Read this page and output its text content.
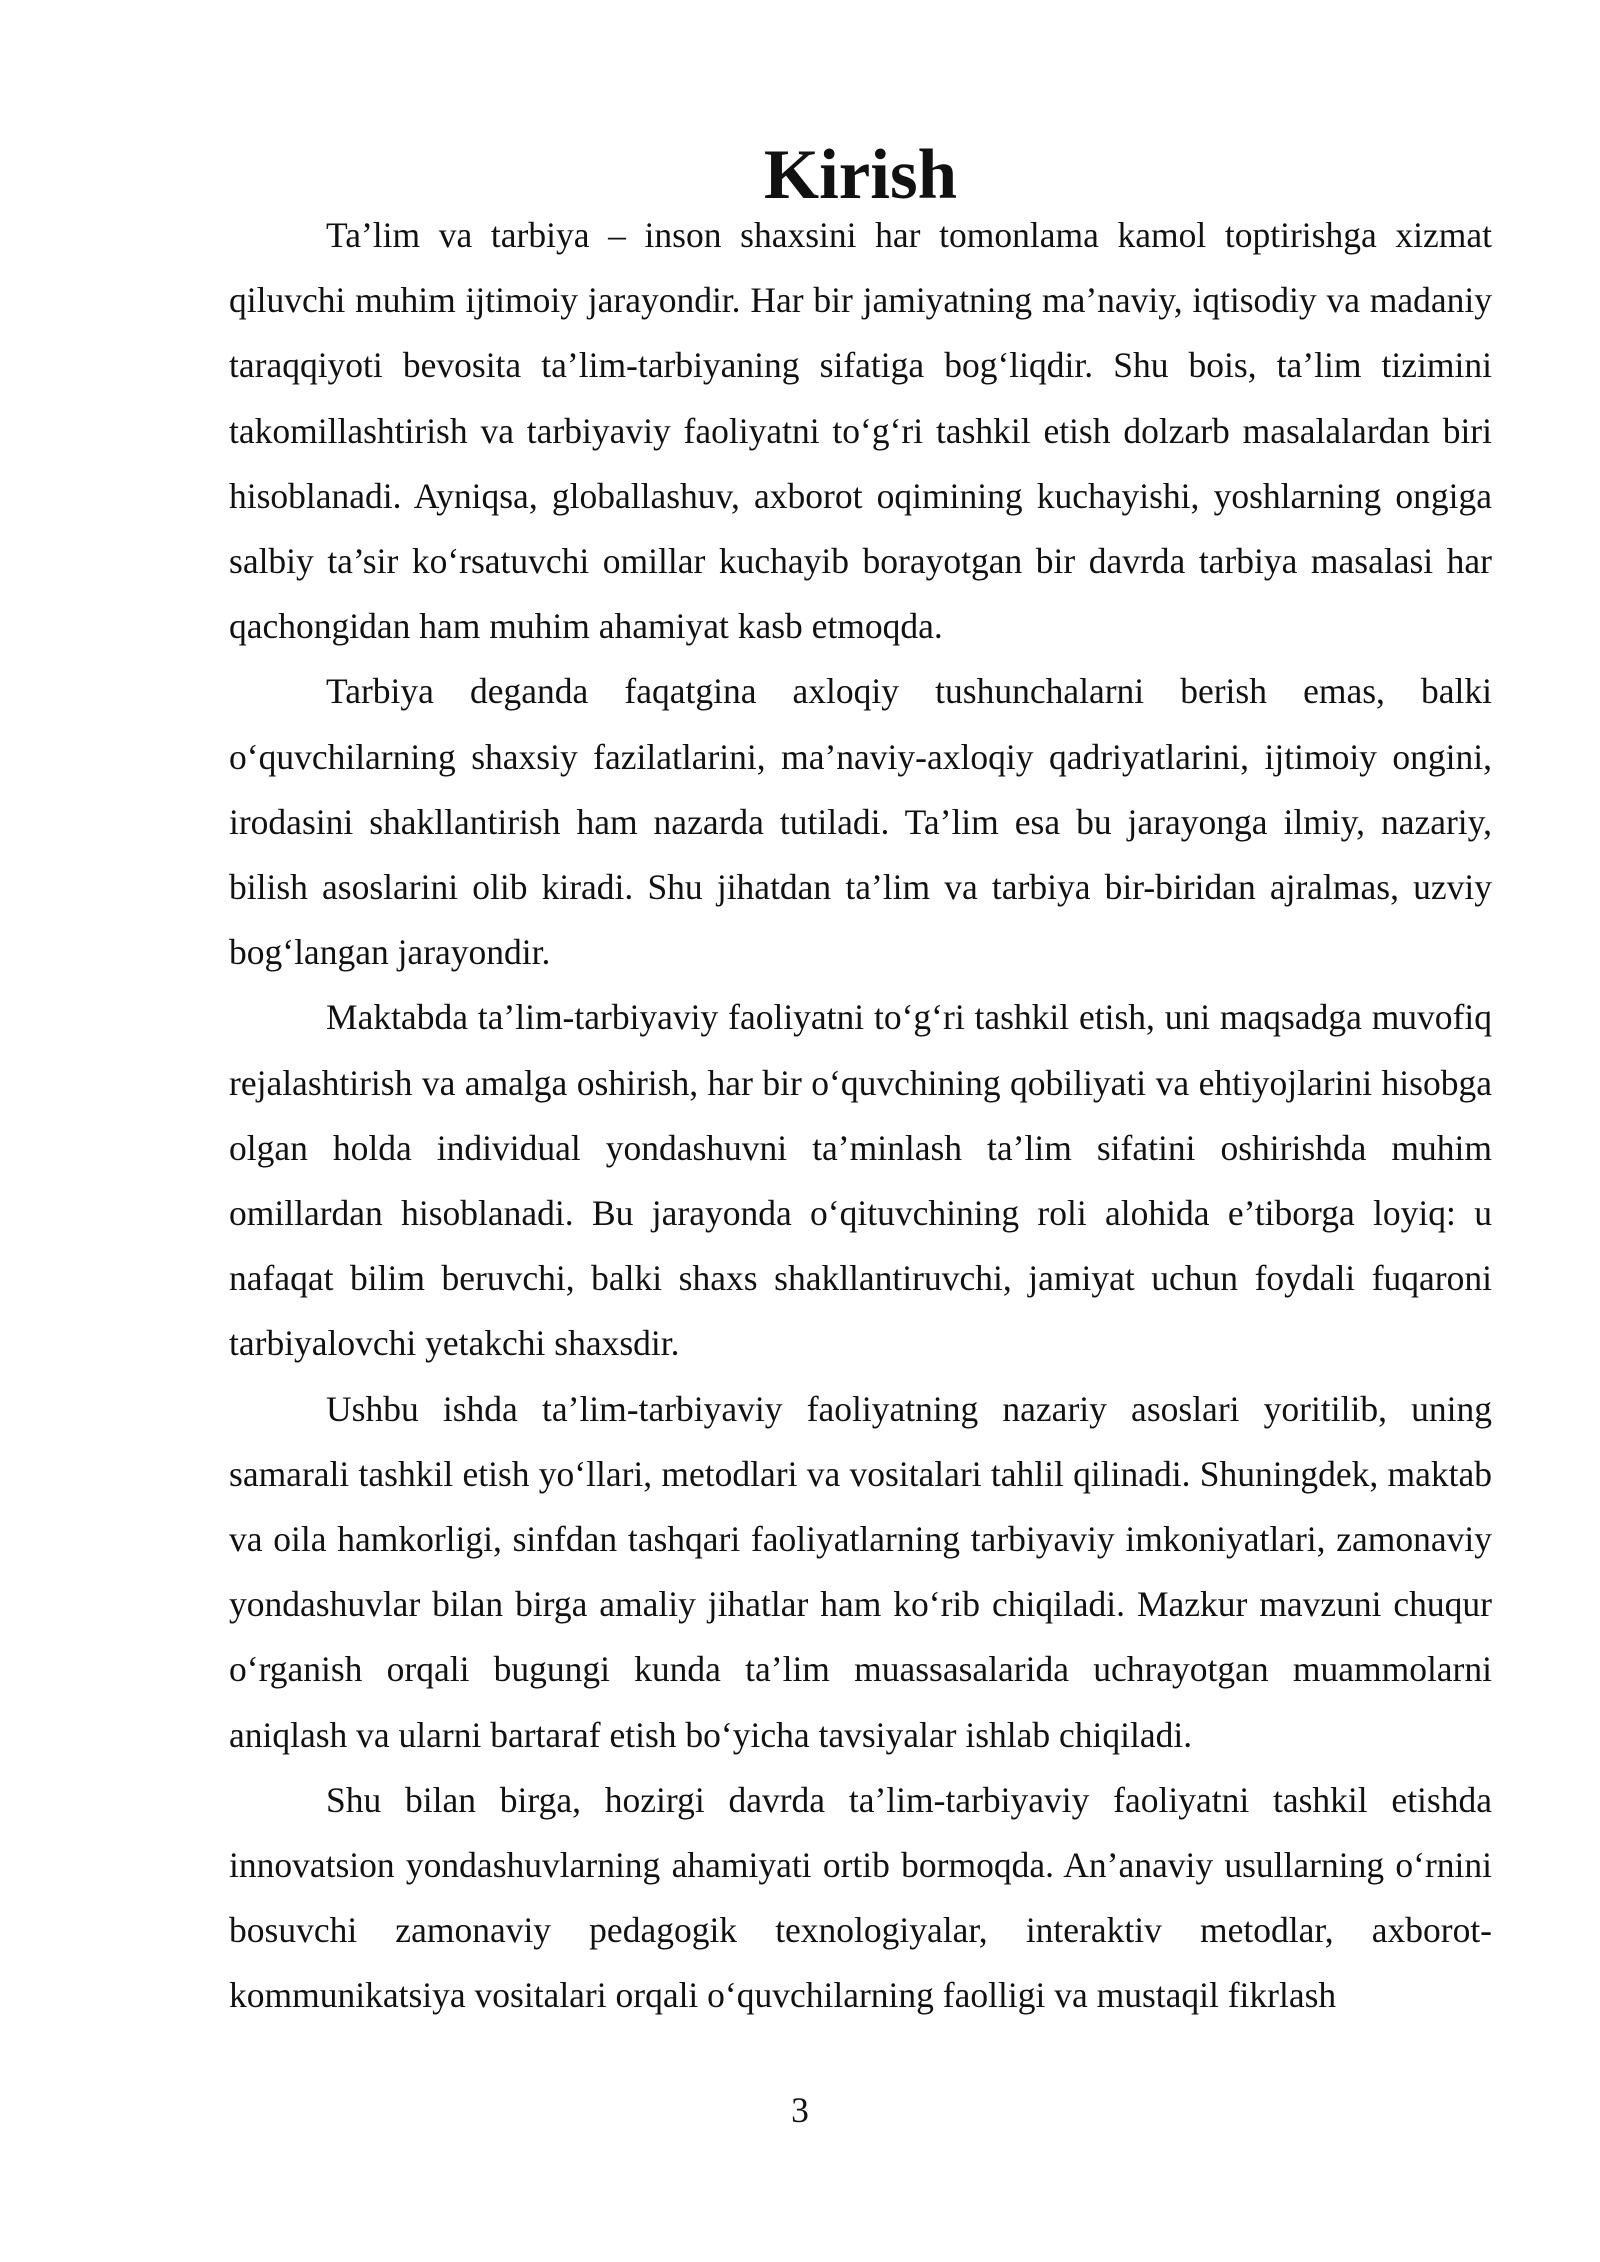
Kirish

Ta’lim va tarbiya – inson shaxsini har tomonlama kamol toptirishga xizmat qiluvchi muhim ijtimoiy jarayondir. Har bir jamiyatning ma’naviy, iqtisodiy va madaniy taraqqiyoti bevosita ta’lim-tarbiyaning sifatiga bog‘liqdir. Shu bois, ta’lim tizimini takomillashtirish va tarbiyaviy faoliyatni to‘g‘ri tashkil etish dolzarb masalalardan biri hisoblanadi. Ayniqsa, globallashuv, axborot oqimining kuchayishi, yoshlarning ongiga salbiy ta’sir ko‘rsatuvchi omillar kuchayib borayotgan bir davrda tarbiya masalasi har qachongidan ham muhim ahamiyat kasb etmoqda.

Tarbiya deganda faqatgina axloqiy tushunchalarni berish emas, balki o‘quvchilarning shaxsiy fazilatlarini, ma’naviy-axloqiy qadriyatlarini, ijtimoiy ongini, irodasini shakllantirish ham nazarda tutiladi. Ta’lim esa bu jarayonga ilmiy, nazariy, bilish asoslarini olib kiradi. Shu jihatdan ta’lim va tarbiya bir-biridan ajralmas, uzviy bog‘langan jarayondir.

Maktabda ta’lim-tarbiyaviy faoliyatni to‘g‘ri tashkil etish, uni maqsadga muvofiq rejalashtirish va amalga oshirish, har bir o‘quvchining qobiliyati va ehtiyojlarini hisobga olgan holda individual yondashuvni ta’minlash ta’lim sifatini oshirishda muhim omillardan hisoblanadi. Bu jarayonda o‘qituvchining roli alohida e’tiborga loyiq: u nafaqat bilim beruvchi, balki shaxs shakllantiruvchi, jamiyat uchun foydali fuqaroni tarbiyalovchi yetakchi shaxsdir.

Ushbu ishda ta’lim-tarbiyaviy faoliyatning nazariy asoslari yoritilib, uning samarali tashkil etish yo‘llari, metodlari va vositalari tahlil qilinadi. Shuningdek, maktab va oila hamkorligi, sinfdan tashqari faoliyatlarning tarbiyaviy imkoniyatlari, zamonaviy yondashuvlar bilan birga amaliy jihatlar ham ko‘rib chiqiladi. Mazkur mavzuni chuqur o‘rganish orqali bugungi kunda ta’lim muassasalarida uchrayotgan muammolarni aniqlash va ularni bartaraf etish bo‘yicha tavsiyalar ishlab chiqiladi.

Shu bilan birga, hozirgi davrda ta’lim-tarbiyaviy faoliyatni tashkil etishda innovatsion yondashuvlarning ahamiyati ortib bormoqda. An’anaviy usullarning o‘rnini bosuvchi zamonaviy pedagogik texnologiyalar, interaktiv metodlar, axborot-kommunikatsiya vositalari orqali o‘quvchilarning faolligi va mustaqil fikrlash

3
